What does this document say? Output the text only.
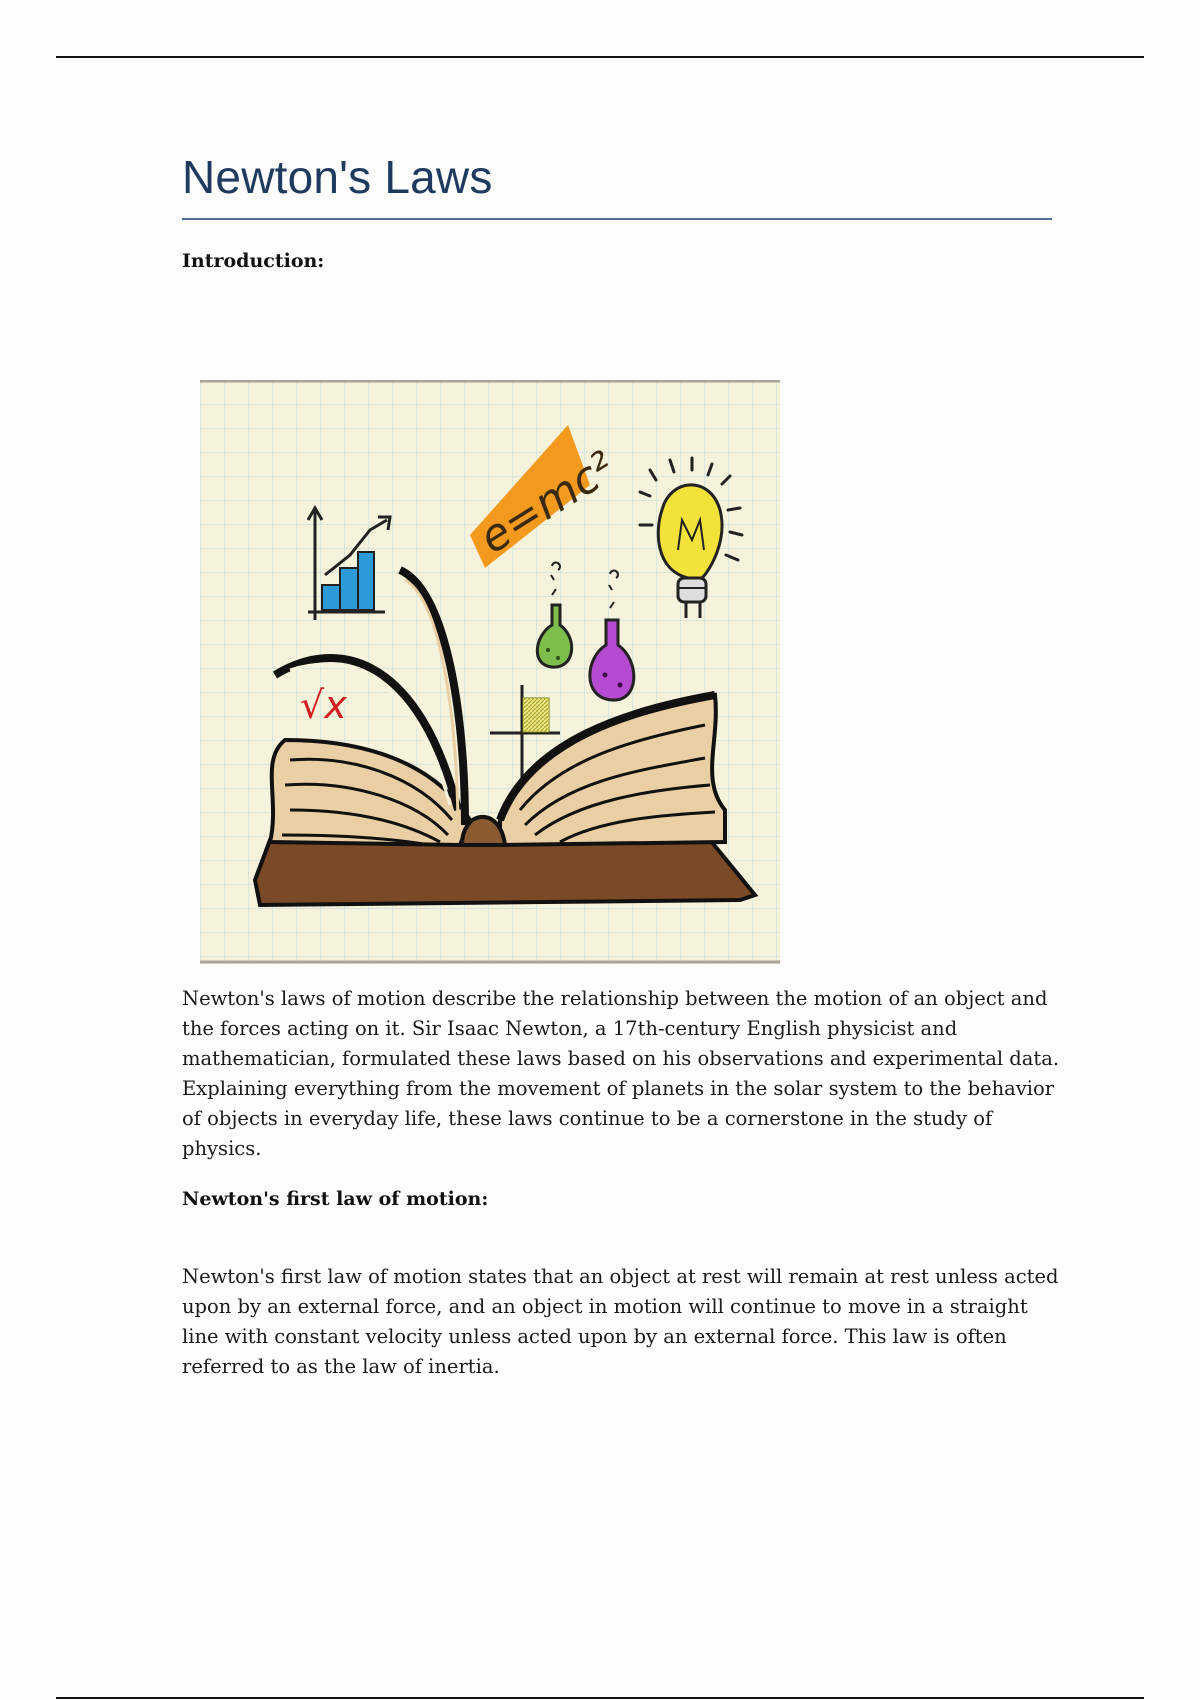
Newton's Laws
Introduction:
e=mc²
√x
Newton's laws of motion describe the relationship between the motion of an object and the forces acting on it. Sir Isaac Newton, a 17th-century English physicist and mathematician, formulated these laws based on his observations and experimental data. Explaining everything from the movement of planets in the solar system to the behavior of objects in everyday life, these laws continue to be a cornerstone in the study of physics.
Newton's first law of motion:
Newton's first law of motion states that an object at rest will remain at rest unless acted upon by an external force, and an object in motion will continue to move in a straight line with constant velocity unless acted upon by an external force. This law is often referred to as the law of inertia.
